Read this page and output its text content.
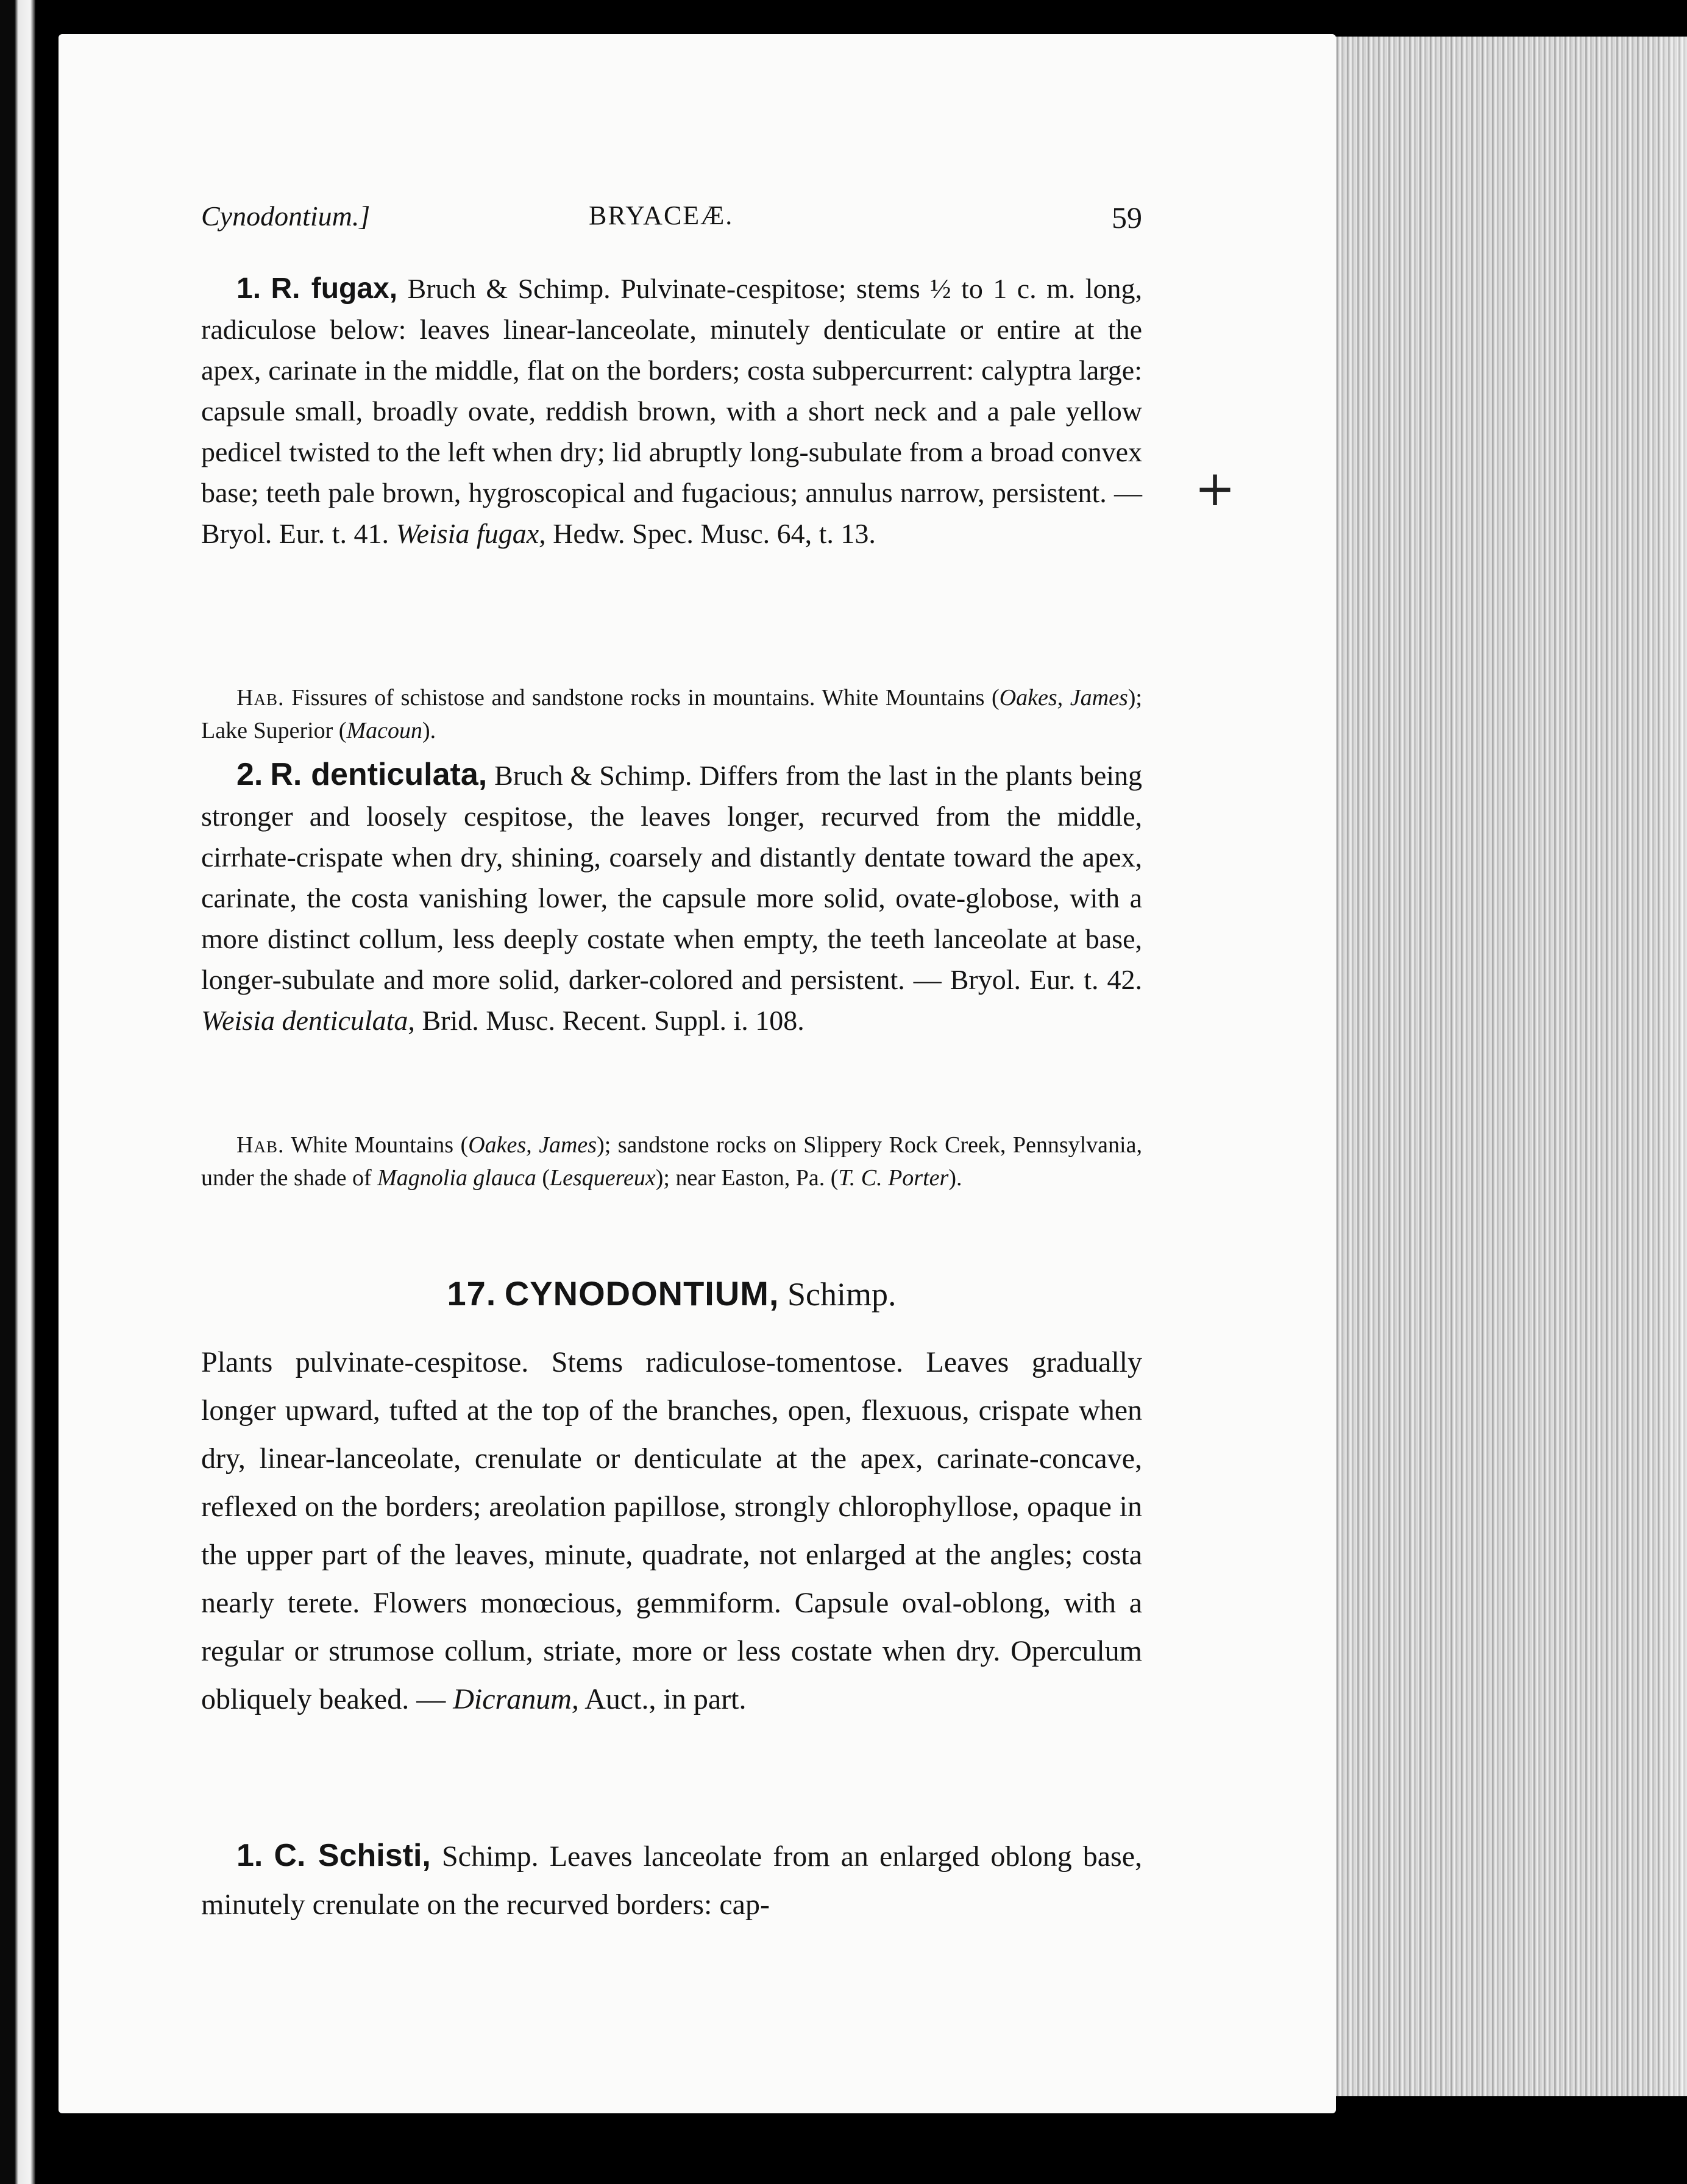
Cynodontium.]	BRYACEÆ.	59
+

1. R. fugax, Bruch & Schimp. Pulvinate-cespitose; stems ½ to 1 c. m. long, radiculose below: leaves linear-lanceolate, minutely denticulate or entire at the apex, carinate in the middle, flat on the borders; costa subpercurrent: calyptra large: capsule small, broadly ovate, reddish brown, with a short neck and a pale yellow pedicel twisted to the left when dry; lid abruptly long-subulate from a broad convex base; teeth pale brown, hygroscopical and fugacious; annulus narrow, persistent. — Bryol. Eur. t. 41. Weisia fugax, Hedw. Spec. Musc. 64, t. 13.

Hab. Fissures of schistose and sandstone rocks in mountains. White Mountains (Oakes, James); Lake Superior (Macoun).

2. R. denticulata, Bruch & Schimp. Differs from the last in the plants being stronger and loosely cespitose, the leaves longer, recurved from the middle, cirrhate-crispate when dry, shining, coarsely and distantly dentate toward the apex, carinate, the costa vanishing lower, the capsule more solid, ovate-globose, with a more distinct collum, less deeply costate when empty, the teeth lanceolate at base, longer-subulate and more solid, darker-colored and persistent. — Bryol. Eur. t. 42. Weisia denticulata, Brid. Musc. Recent. Suppl. i. 108.

Hab. White Mountains (Oakes, James); sandstone rocks on Slippery Rock Creek, Pennsylvania, under the shade of Magnolia glauca (Lesquereux); near Easton, Pa. (T. C. Porter).

17. CYNODONTIUM, Schimp.

Plants pulvinate-cespitose. Stems radiculose-tomentose. Leaves gradually longer upward, tufted at the top of the branches, open, flexuous, crispate when dry, linear-lanceolate, crenulate or denticulate at the apex, carinate-concave, reflexed on the borders; areolation papillose, strongly chlorophyllose, opaque in the upper part of the leaves, minute, quadrate, not enlarged at the angles; costa nearly terete. Flowers monœcious, gemmiform. Capsule oval-oblong, with a regular or strumose collum, striate, more or less costate when dry. Operculum obliquely beaked. — Dicranum, Auct., in part.

1. C. Schisti, Schimp. Leaves lanceolate from an enlarged oblong base, minutely crenulate on the recurved borders: cap-
